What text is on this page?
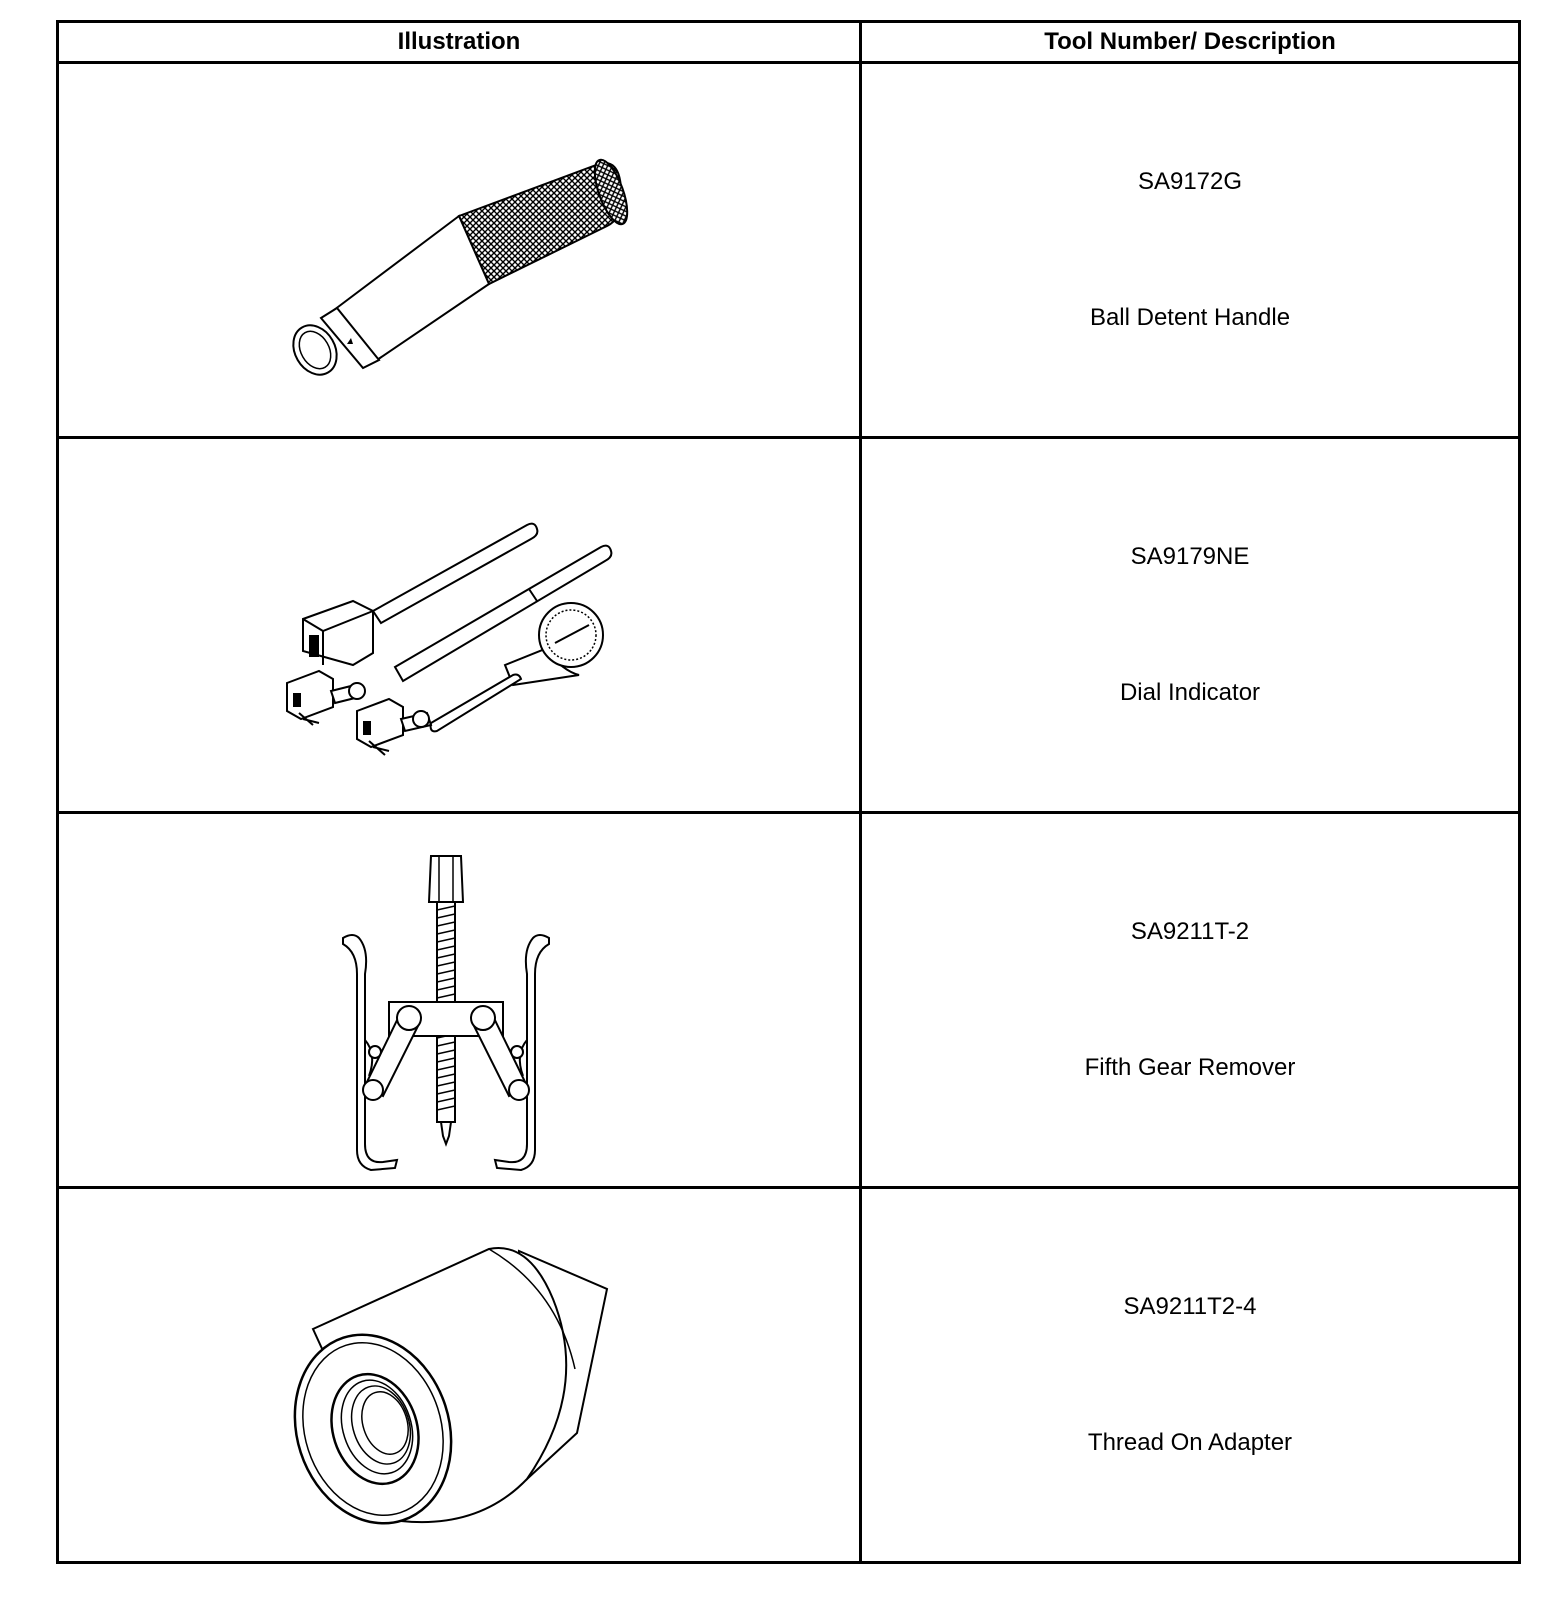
Illustration	Tool Number/ Description

SA9172G
Ball Detent Handle

SA9179NE
Dial Indicator

SA9211T-2
Fifth Gear Remover

SA9211T2-4
Thread On Adapter
